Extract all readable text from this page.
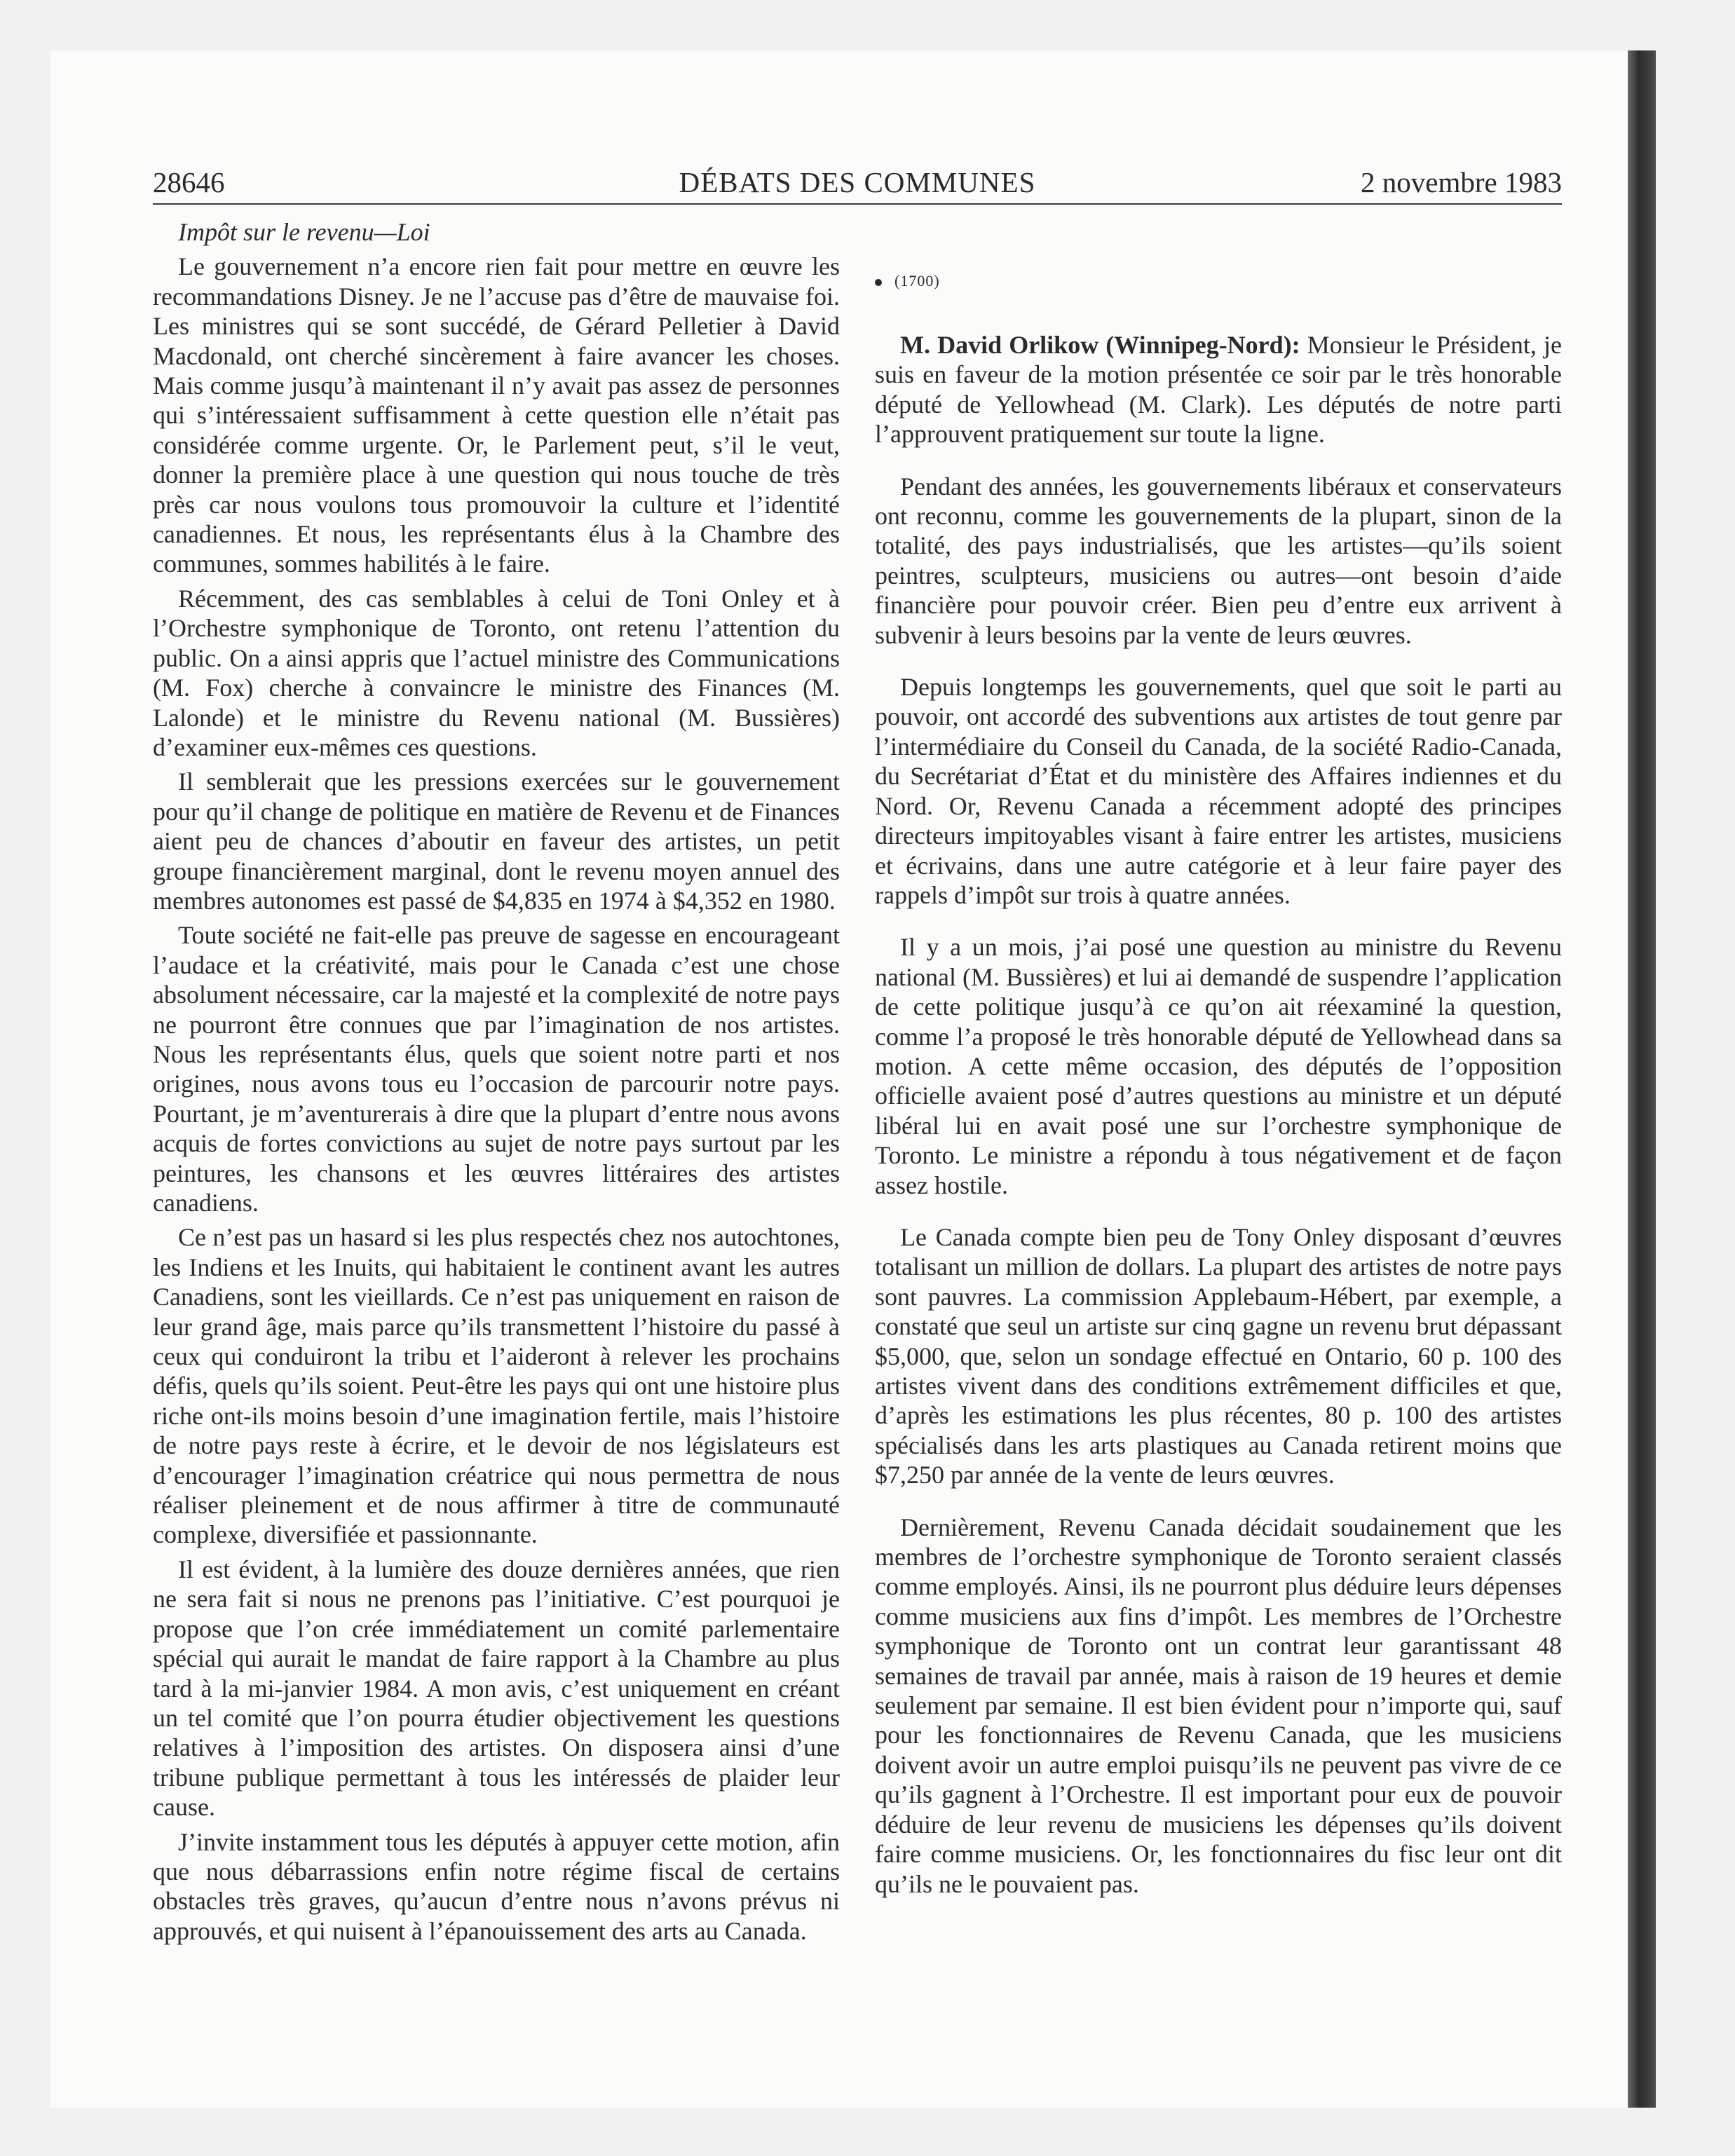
28646	DÉBATS DES COMMUNES	2 novembre 1983

Impôt sur le revenu—Loi

Le gouvernement n’a encore rien fait pour mettre en œuvre les recommandations Disney. Je ne l’accuse pas d’être de mauvaise foi. Les ministres qui se sont succédé, de Gérard Pelletier à David Macdonald, ont cherché sincèrement à faire avancer les choses. Mais comme jusqu’à maintenant il n’y avait pas assez de personnes qui s’intéressaient suffisamment à cette question elle n’était pas considérée comme urgente. Or, le Parlement peut, s’il le veut, donner la première place à une question qui nous touche de très près car nous voulons tous promouvoir la culture et l’identité canadiennes. Et nous, les représentants élus à la Chambre des communes, sommes habilités à le faire.

Récemment, des cas semblables à celui de Toni Onley et à l’Orchestre symphonique de Toronto, ont retenu l’attention du public. On a ainsi appris que l’actuel ministre des Communications (M. Fox) cherche à convaincre le ministre des Finances (M. Lalonde) et le ministre du Revenu national (M. Bussières) d’examiner eux-mêmes ces questions.

Il semblerait que les pressions exercées sur le gouvernement pour qu’il change de politique en matière de Revenu et de Finances aient peu de chances d’aboutir en faveur des artistes, un petit groupe financièrement marginal, dont le revenu moyen annuel des membres autonomes est passé de $4,835 en 1974 à $4,352 en 1980.

Toute société ne fait-elle pas preuve de sagesse en encourageant l’audace et la créativité, mais pour le Canada c’est une chose absolument nécessaire, car la majesté et la complexité de notre pays ne pourront être connues que par l’imagination de nos artistes. Nous les représentants élus, quels que soient notre parti et nos origines, nous avons tous eu l’occasion de parcourir notre pays. Pourtant, je m’aventurerais à dire que la plupart d’entre nous avons acquis de fortes convictions au sujet de notre pays surtout par les peintures, les chansons et les œuvres littéraires des artistes canadiens.

Ce n’est pas un hasard si les plus respectés chez nos autochtones, les Indiens et les Inuits, qui habitaient le continent avant les autres Canadiens, sont les vieillards. Ce n’est pas uniquement en raison de leur grand âge, mais parce qu’ils transmettent l’histoire du passé à ceux qui conduiront la tribu et l’aideront à relever les prochains défis, quels qu’ils soient. Peut-être les pays qui ont une histoire plus riche ont-ils moins besoin d’une imagination fertile, mais l’histoire de notre pays reste à écrire, et le devoir de nos législateurs est d’encourager l’imagination créatrice qui nous permettra de nous réaliser pleinement et de nous affirmer à titre de communauté complexe, diversifiée et passionnante.

Il est évident, à la lumière des douze dernières années, que rien ne sera fait si nous ne prenons pas l’initiative. C’est pourquoi je propose que l’on crée immédiatement un comité parlementaire spécial qui aurait le mandat de faire rapport à la Chambre au plus tard à la mi-janvier 1984. A mon avis, c’est uniquement en créant un tel comité que l’on pourra étudier objectivement les questions relatives à l’imposition des artistes. On disposera ainsi d’une tribune publique permettant à tous les intéressés de plaider leur cause.

J’invite instamment tous les députés à appuyer cette motion, afin que nous débarrassions enfin notre régime fiscal de certains obstacles très graves, qu’aucun d’entre nous n’avons prévus ni approuvés, et qui nuisent à l’épanouissement des arts au Canada.

(1700)

M. David Orlikow (Winnipeg-Nord): Monsieur le Président, je suis en faveur de la motion présentée ce soir par le très honorable député de Yellowhead (M. Clark). Les députés de notre parti l’approuvent pratiquement sur toute la ligne.

Pendant des années, les gouvernements libéraux et conservateurs ont reconnu, comme les gouvernements de la plupart, sinon de la totalité, des pays industrialisés, que les artistes—qu’ils soient peintres, sculpteurs, musiciens ou autres—ont besoin d’aide financière pour pouvoir créer. Bien peu d’entre eux arrivent à subvenir à leurs besoins par la vente de leurs œuvres.

Depuis longtemps les gouvernements, quel que soit le parti au pouvoir, ont accordé des subventions aux artistes de tout genre par l’intermédiaire du Conseil du Canada, de la société Radio-Canada, du Secrétariat d’État et du ministère des Affaires indiennes et du Nord. Or, Revenu Canada a récemment adopté des principes directeurs impitoyables visant à faire entrer les artistes, musiciens et écrivains, dans une autre catégorie et à leur faire payer des rappels d’impôt sur trois à quatre années.

Il y a un mois, j’ai posé une question au ministre du Revenu national (M. Bussières) et lui ai demandé de suspendre l’application de cette politique jusqu’à ce qu’on ait réexaminé la question, comme l’a proposé le très honorable député de Yellowhead dans sa motion. A cette même occasion, des députés de l’opposition officielle avaient posé d’autres questions au ministre et un député libéral lui en avait posé une sur l’orchestre symphonique de Toronto. Le ministre a répondu à tous négativement et de façon assez hostile.

Le Canada compte bien peu de Tony Onley disposant d’œuvres totalisant un million de dollars. La plupart des artistes de notre pays sont pauvres. La commission Applebaum-Hébert, par exemple, a constaté que seul un artiste sur cinq gagne un revenu brut dépassant $5,000, que, selon un sondage effectué en Ontario, 60 p. 100 des artistes vivent dans des conditions extrêmement difficiles et que, d’après les estimations les plus récentes, 80 p. 100 des artistes spécialisés dans les arts plastiques au Canada retirent moins que $7,250 par année de la vente de leurs œuvres.

Dernièrement, Revenu Canada décidait soudainement que les membres de l’orchestre symphonique de Toronto seraient classés comme employés. Ainsi, ils ne pourront plus déduire leurs dépenses comme musiciens aux fins d’impôt. Les membres de l’Orchestre symphonique de Toronto ont un contrat leur garantissant 48 semaines de travail par année, mais à raison de 19 heures et demie seulement par semaine. Il est bien évident pour n’importe qui, sauf pour les fonctionnaires de Revenu Canada, que les musiciens doivent avoir un autre emploi puisqu’ils ne peuvent pas vivre de ce qu’ils gagnent à l’Orchestre. Il est important pour eux de pouvoir déduire de leur revenu de musiciens les dépenses qu’ils doivent faire comme musiciens. Or, les fonctionnaires du fisc leur ont dit qu’ils ne le pouvaient pas.
